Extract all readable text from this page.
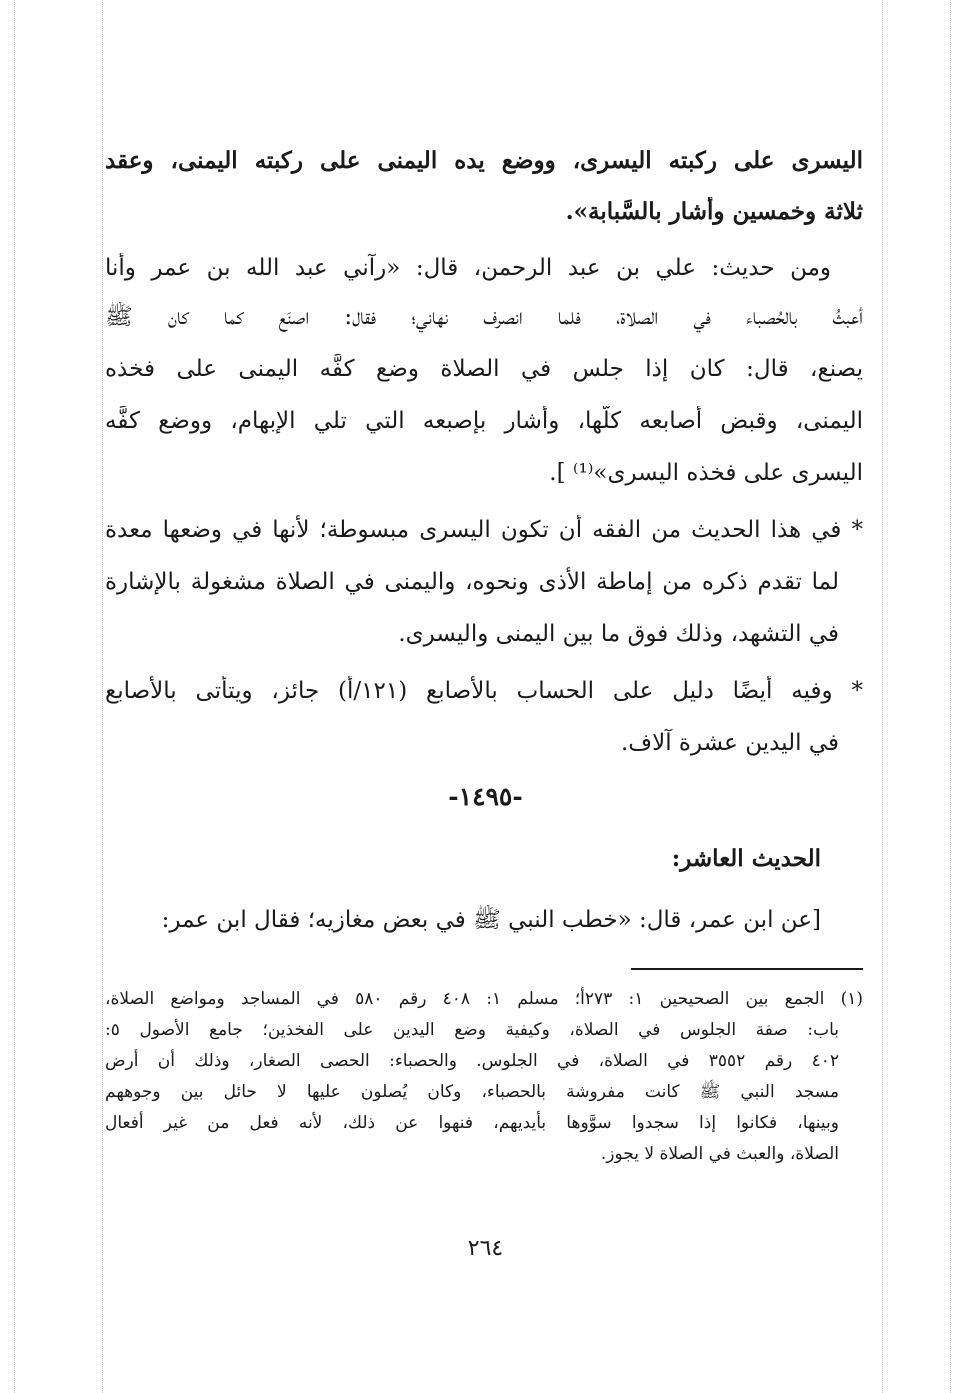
اليسرى على ركبته اليسرى، ووضع يده اليمنى على ركبته اليمنى، وعقد
ثلاثة وخمسين وأشار بالسَّبابة».
ومن حديث: علي بن عبد الرحمن، قال: «رآني عبد الله بن عمر وأنا
أعبثُ بالحُصباء في الصلاة، فلما انصرف نهاني؛ فقال: اصنَع كما كان ﷺ
يصنع، قال: كان إذا جلس في الصلاة وضع كفَّه اليمنى على فخذه
اليمنى، وقبض أصابعه كلَّها، وأشار بإصبعه التي تلي الإبهام، ووضع كفَّه
اليسرى على فخذه اليسرى»⁽¹⁾ ].
* في هذا الحديث من الفقه أن تكون اليسرى مبسوطة؛ لأنها في وضعها معدة
لما تقدم ذكره من إماطة الأذى ونحوه، واليمنى في الصلاة مشغولة بالإشارة
في التشهد، وذلك فوق ما بين اليمنى واليسرى.
* وفيه أيضًا دليل على الحساب بالأصابع (١٢١/أ) جائز، ويتأتى بالأصابع
في اليدين عشرة آلاف.
-١٤٩٥-
الحديث العاشر:
[عن ابن عمر، قال: «خطب النبي ﷺ في بعض مغازيه؛ فقال ابن عمر:
(١) الجمع بين الصحيحين ١: ٢٧٣أ؛ مسلم ١: ٤٠٨ رقم ٥٨٠ في المساجد ومواضع الصلاة،
باب: صفة الجلوس في الصلاة، وكيفية وضع اليدين على الفخذين؛ جامع الأصول ٥:
٤٠٢ رقم ٣٥٥٢ في الصلاة، في الجلوس. والحصباء: الحصى الصغار، وذلك أن أرض
مسجد النبي ﷺ كانت مفروشة بالحصباء، وكان يُصلون عليها لا حائل بين وجوههم
وبينها، فكانوا إذا سجدوا سوَّوها بأيديهم، فنهوا عن ذلك، لأنه فعل من غير أفعال
الصلاة، والعبث في الصلاة لا يجوز.
٢٦٤
